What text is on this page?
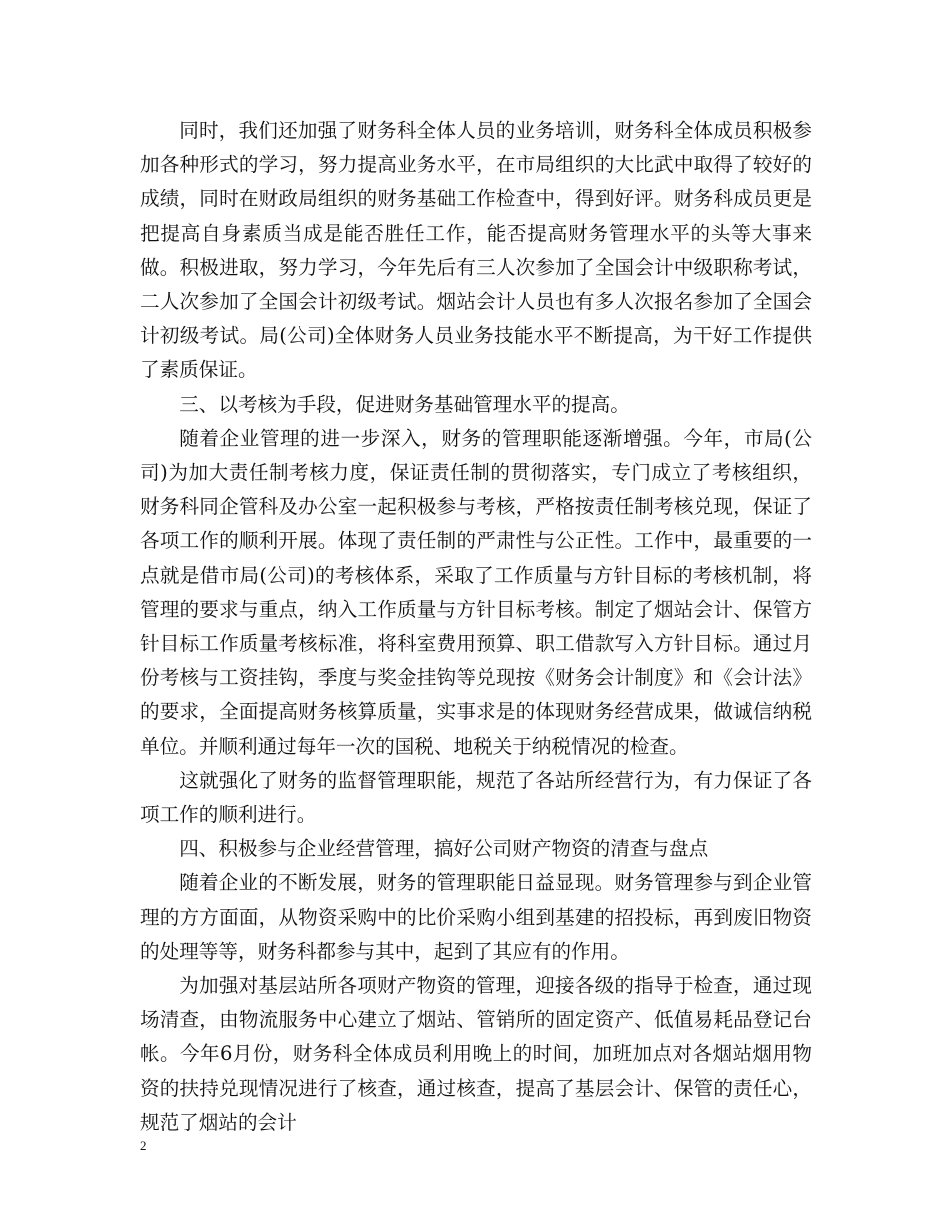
同时，我们还加强了财务科全体人员的业务培训，财务科全体成员积极参加各种形式的学习，努力提高业务水平，在市局组织的大比武中取得了较好的成绩，同时在财政局组织的财务基础工作检查中，得到好评。财务科成员更是把提高自身素质当成是能否胜任工作，能否提高财务管理水平的头等大事来做。积极进取，努力学习，今年先后有三人次参加了全国会计中级职称考试，二人次参加了全国会计初级考试。烟站会计人员也有多人次报名参加了全国会计初级考试。局(公司)全体财务人员业务技能水平不断提高，为干好工作提供了素质保证。

三、以考核为手段，促进财务基础管理水平的提高。

随着企业管理的进一步深入，财务的管理职能逐渐增强。今年，市局(公司)为加大责任制考核力度，保证责任制的贯彻落实，专门成立了考核组织，财务科同企管科及办公室一起积极参与考核，严格按责任制考核兑现，保证了各项工作的顺利开展。体现了责任制的严肃性与公正性。工作中，最重要的一点就是借市局(公司)的考核体系，采取了工作质量与方针目标的考核机制，将管理的要求与重点，纳入工作质量与方针目标考核。制定了烟站会计、保管方针目标工作质量考核标准，将科室费用预算、职工借款写入方针目标。通过月份考核与工资挂钩，季度与奖金挂钩等兑现按《财务会计制度》和《会计法》的要求，全面提高财务核算质量，实事求是的体现财务经营成果，做诚信纳税单位。并顺利通过每年一次的国税、地税关于纳税情况的检查。

这就强化了财务的监督管理职能，规范了各站所经营行为，有力保证了各项工作的顺利进行。

四、积极参与企业经营管理，搞好公司财产物资的清查与盘点

随着企业的不断发展，财务的管理职能日益显现。财务管理参与到企业管理的方方面面，从物资采购中的比价采购小组到基建的招投标，再到废旧物资的处理等等，财务科都参与其中，起到了其应有的作用。

为加强对基层站所各项财产物资的管理，迎接各级的指导于检查，通过现场清查，由物流服务中心建立了烟站、管销所的固定资产、低值易耗品登记台帐。今年6月份，财务科全体成员利用晚上的时间，加班加点对各烟站烟用物资的扶持兑现情况进行了核查，通过核查，提高了基层会计、保管的责任心，规范了烟站的会计

2
